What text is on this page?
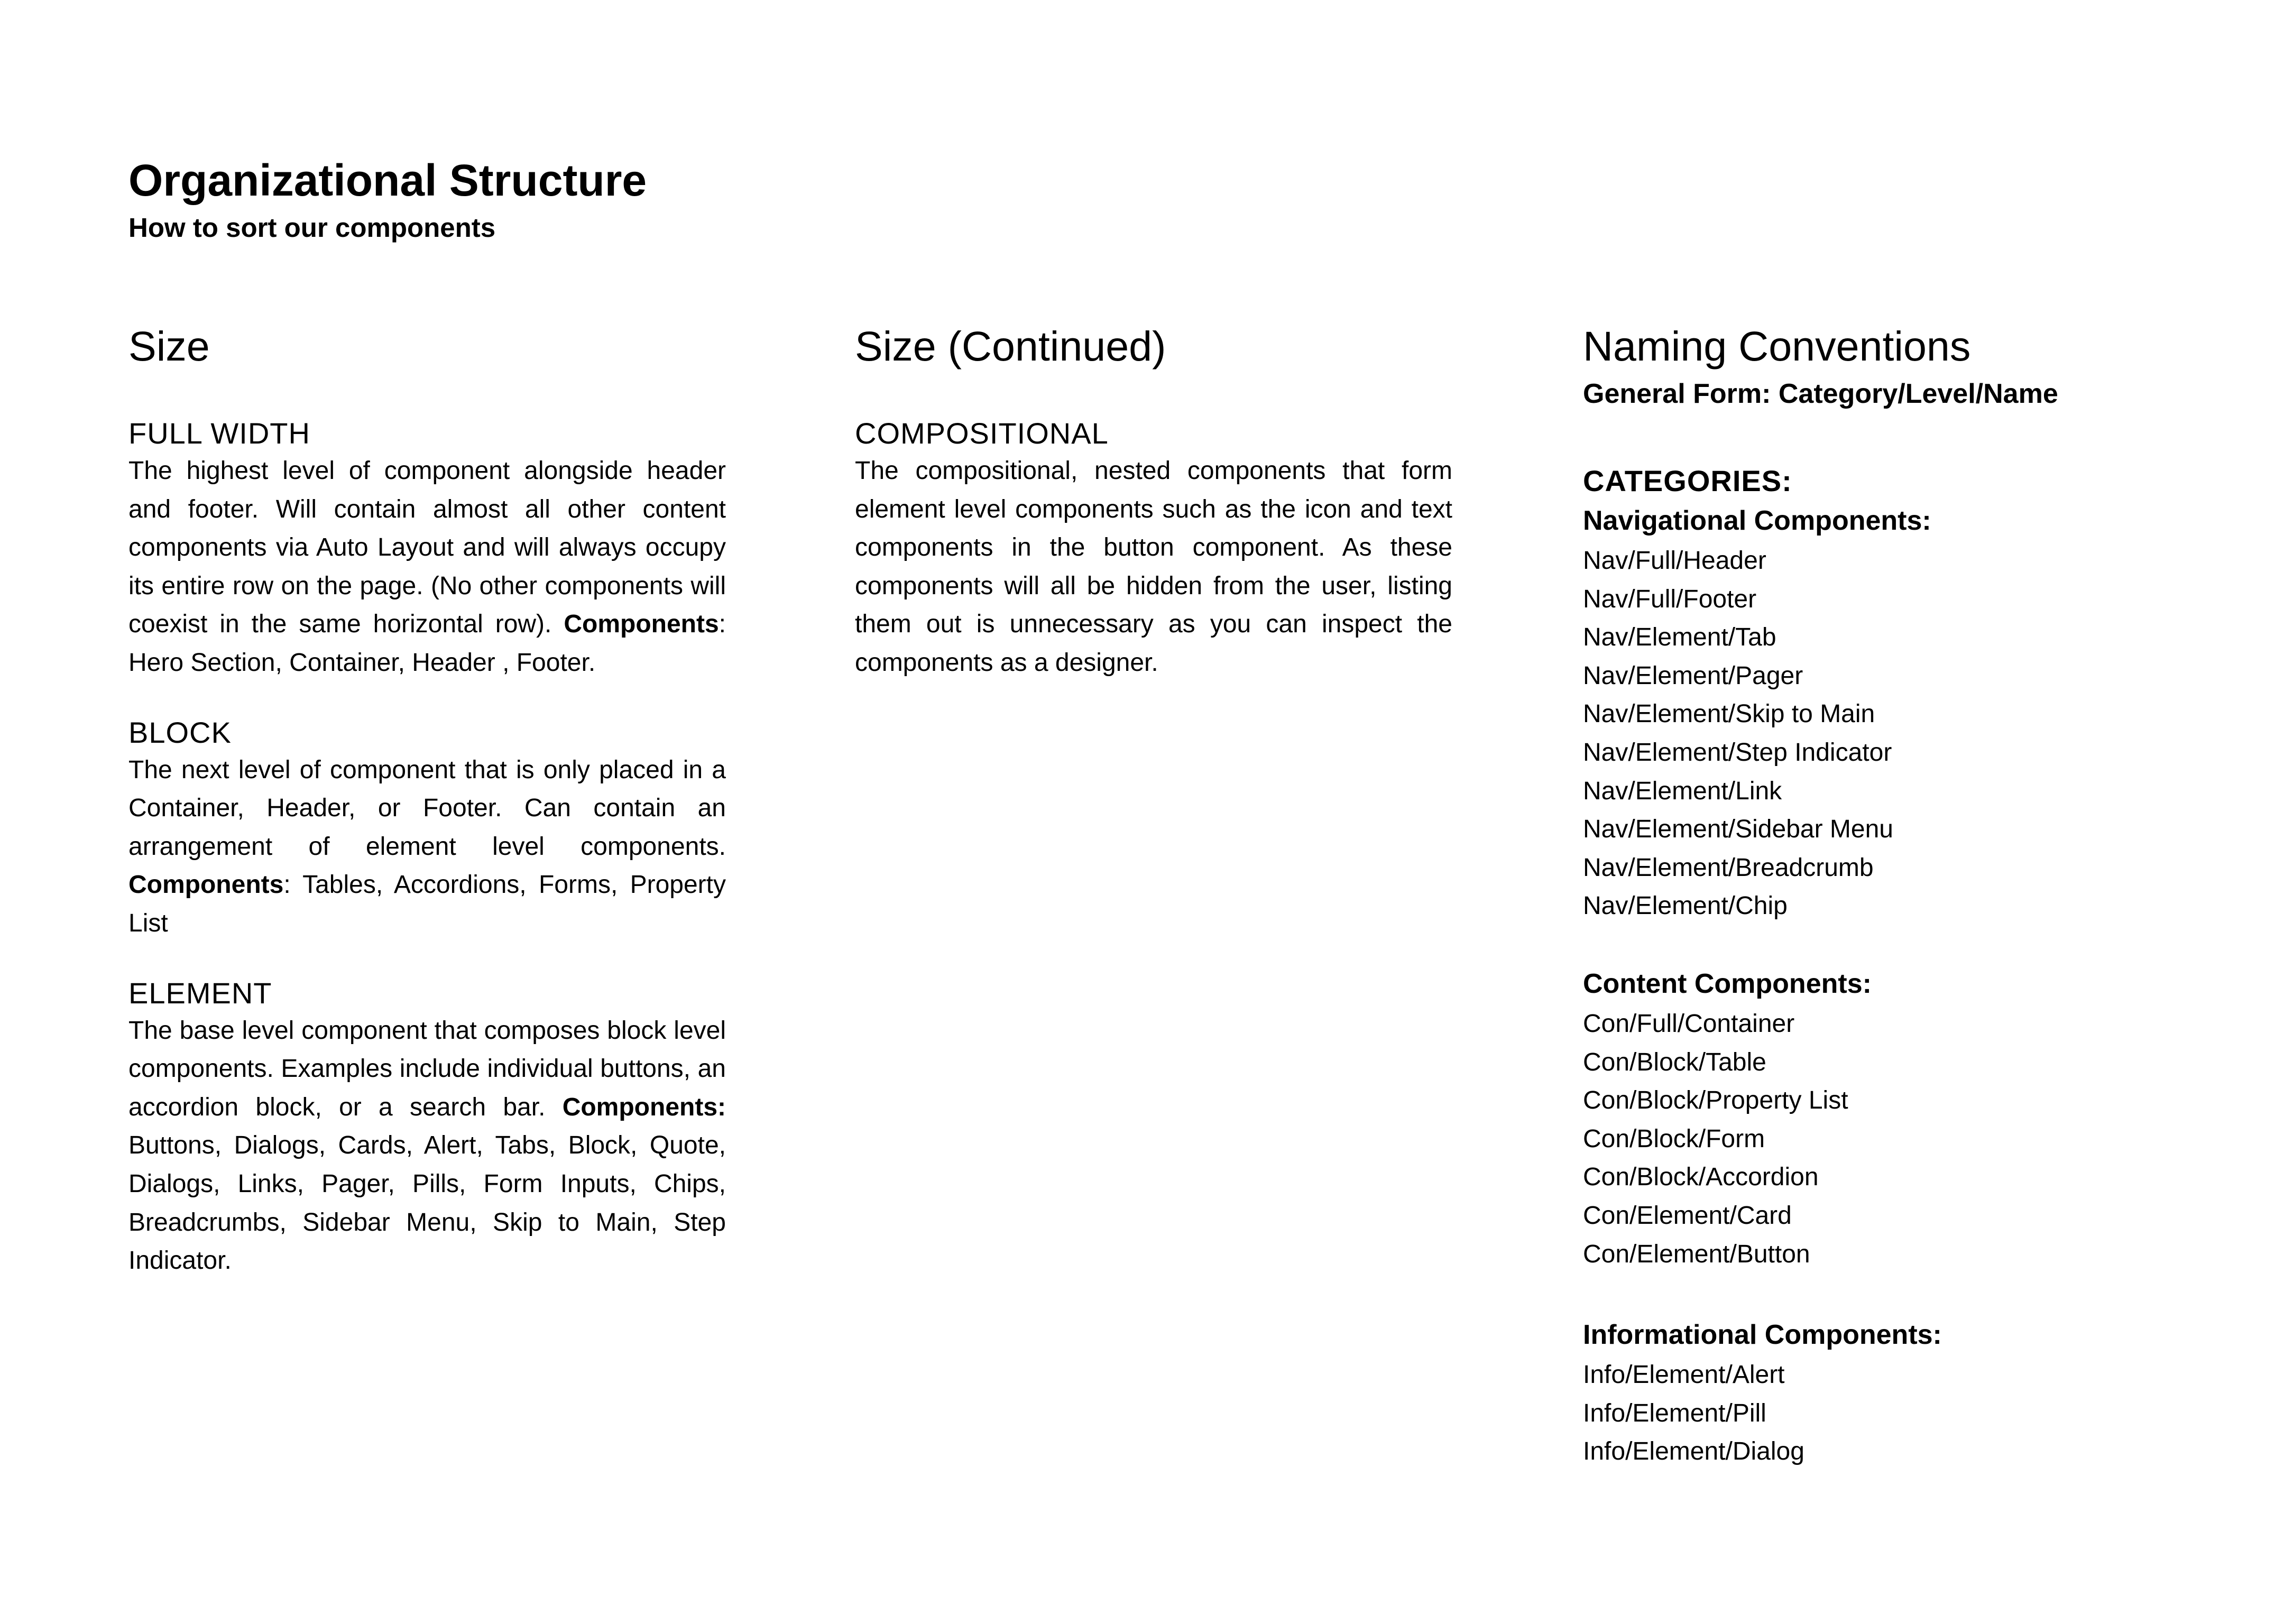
Organizational Structure

How to sort our components

Size
FULL WIDTH

The highest level of component alongside header and footer. Will contain almost all other content components via Auto Layout and will always occupy its entire row on the page. (No other components will coexist in the same horizontal row). Components: Hero Section, Container, Header , Footer.

BLOCK

The next level of component that is only placed in a Container, Header, or Footer. Can contain an arrangement of element level components. Components: Tables, Accordions, Forms, Property List

ELEMENT

The base level component that composes block level components. Examples include individual buttons, an accordion block, or a search bar. Components: Buttons, Dialogs, Cards, Alert, Tabs, Block, Quote, Dialogs, Links, Pager, Pills, Form Inputs, Chips, Breadcrumbs, Sidebar Menu, Skip to Main, Step Indicator.

Size (Continued)
COMPOSITIONAL

The compositional, nested components that form element level components such as the icon and text components in the button component. As these components will all be hidden from the user, listing them out is unnecessary as you can inspect the components as a designer.

Naming Conventions

General Form: Category/Level/Name

CATEGORIES:
Navigational Components:
Nav/Full/Header
Nav/Full/Footer
Nav/Element/Tab
Nav/Element/Pager
Nav/Element/Skip to Main
Nav/Element/Step Indicator
Nav/Element/Link
Nav/Element/Sidebar Menu
Nav/Element/Breadcrumb
Nav/Element/Chip
Content Components:
Con/Full/Container
Con/Block/Table
Con/Block/Property List
Con/Block/Form
Con/Block/Accordion
Con/Element/Card
Con/Element/Button
Informational Components:
Info/Element/Alert
Info/Element/Pill
Info/Element/Dialog
